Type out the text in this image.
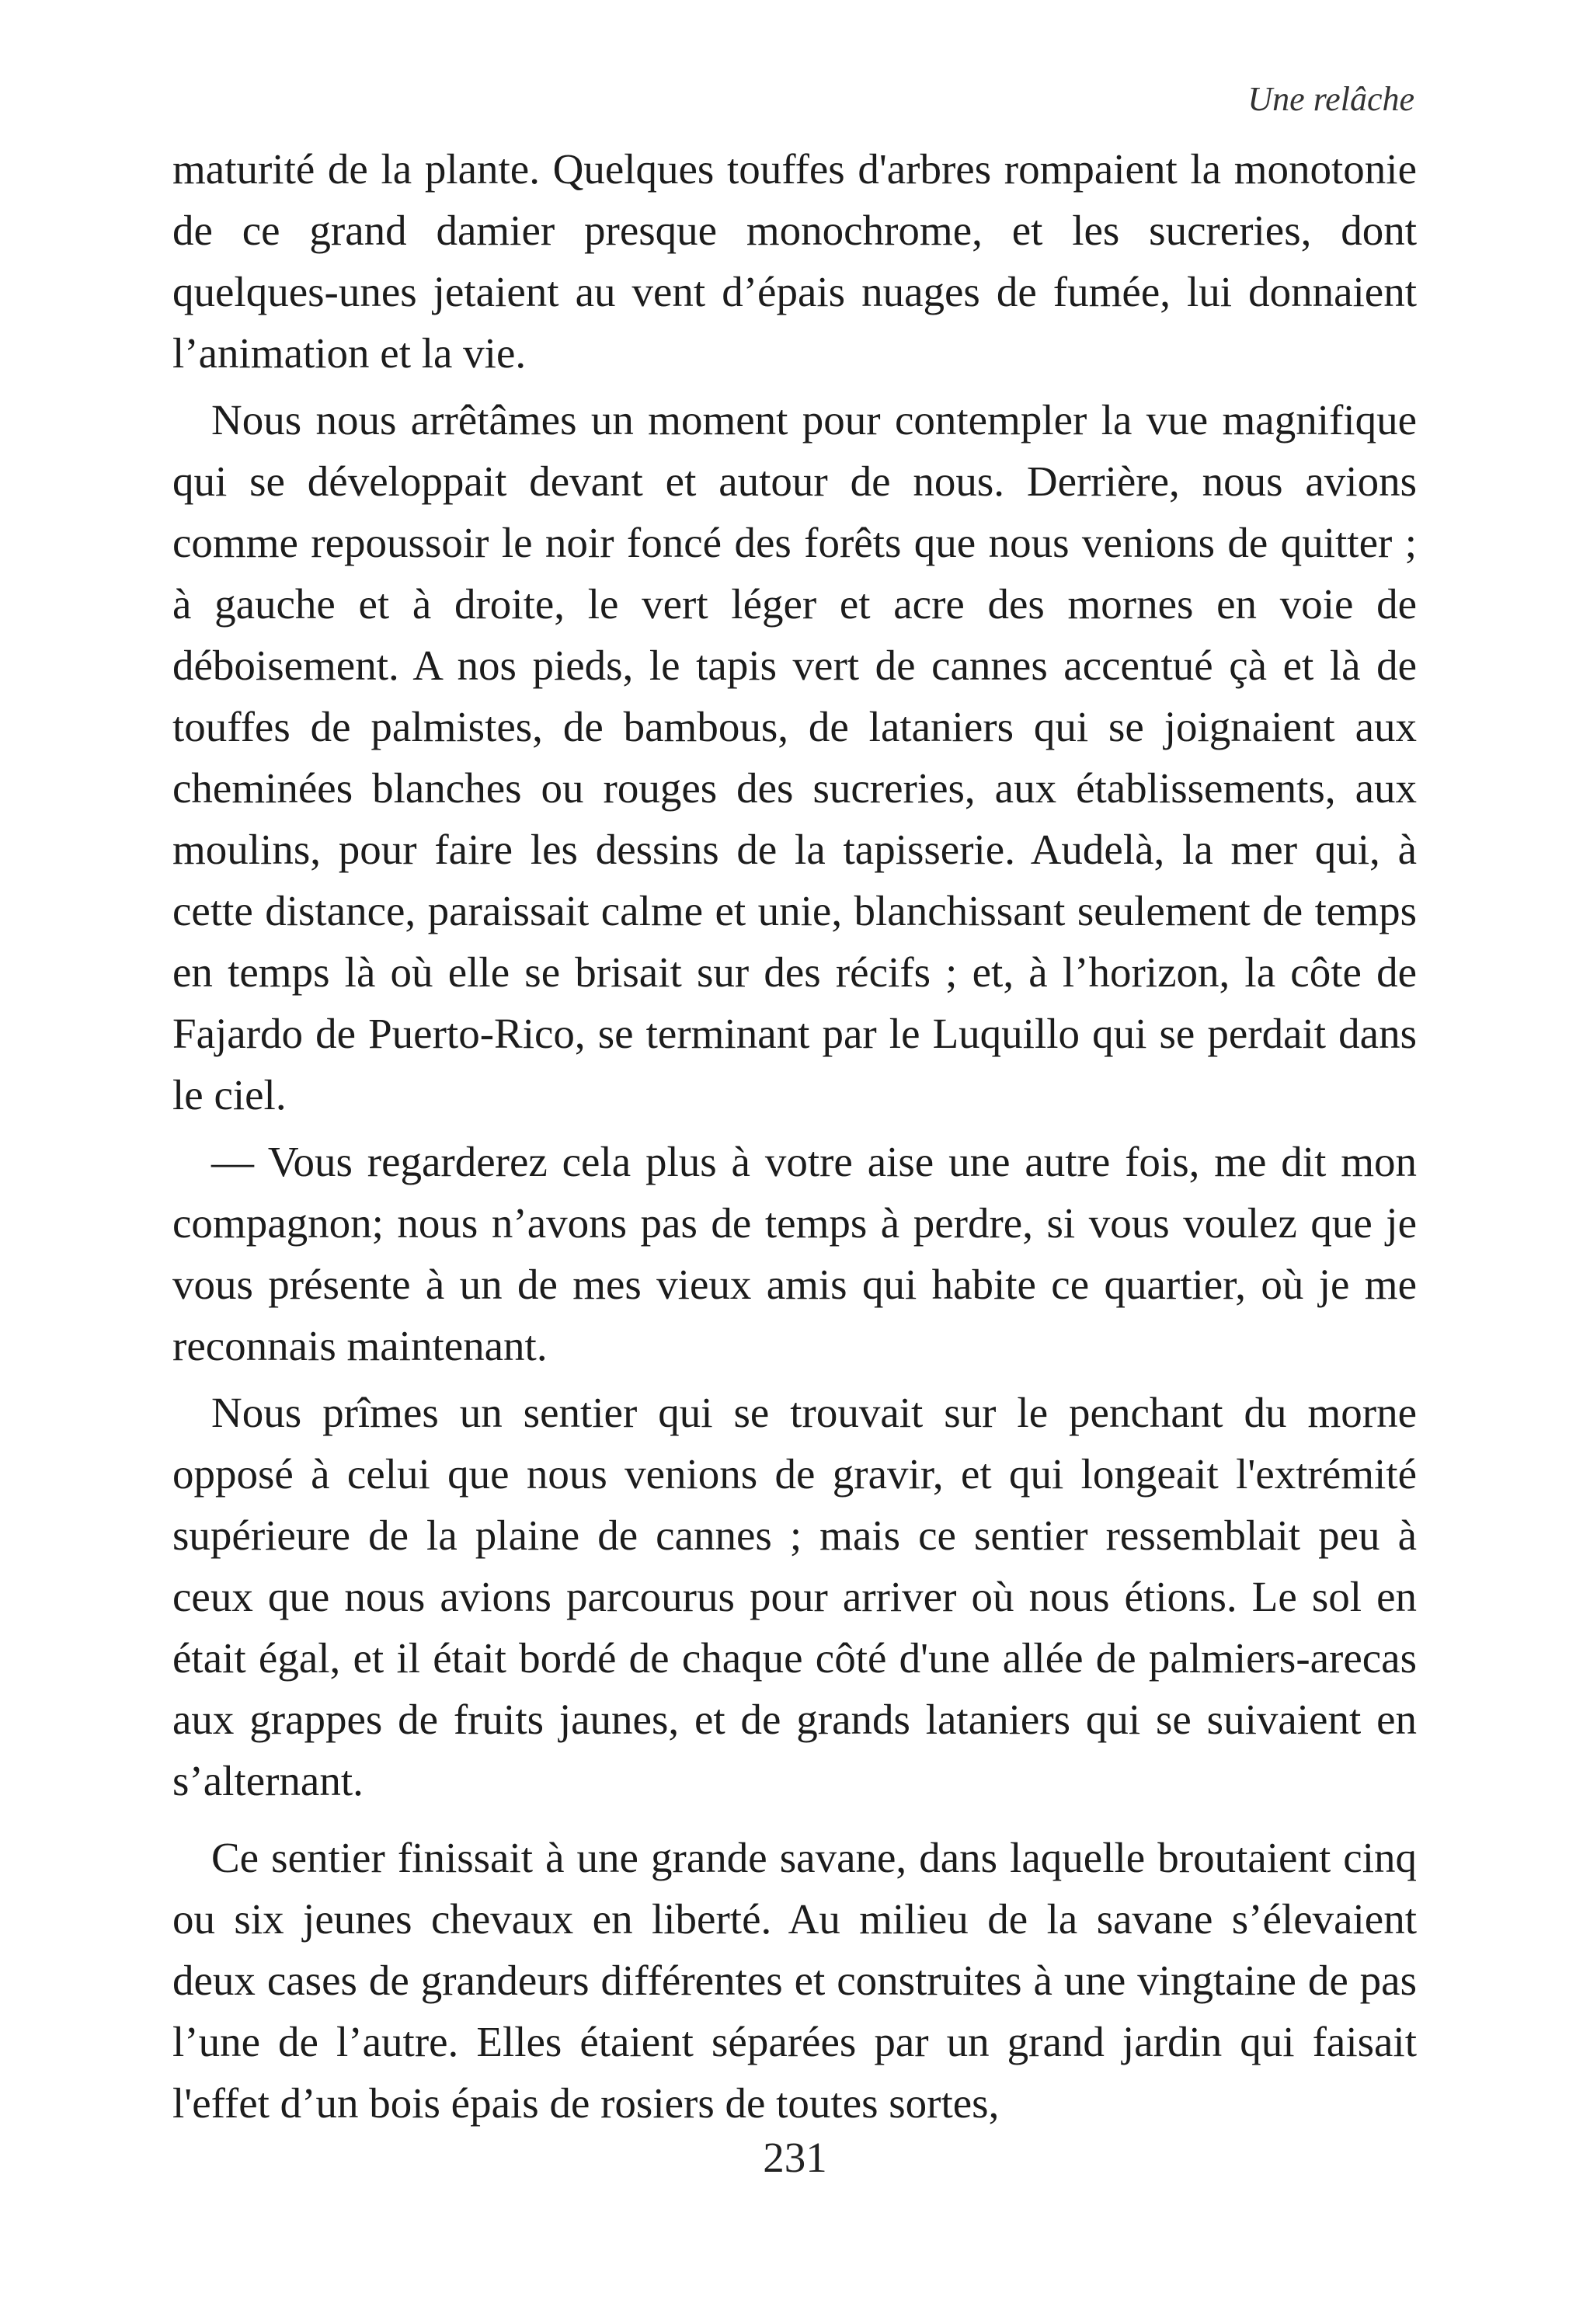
Une relâche

maturité de la plante. Quelques touffes d'arbres rompaient la monotonie de ce grand damier presque monochrome, et les sucreries, dont quelques-unes jetaient au vent d’épais nuages de fumée, lui donnaient l’animation et la vie.

Nous nous arrêtâmes un moment pour contempler la vue magnifique qui se développait devant et autour de nous. Derrière, nous avions comme repoussoir le noir foncé des forêts que nous venions de quitter ; à gauche et à droite, le vert léger et acre des mornes en voie de déboisement. A nos pieds, le tapis vert de cannes accentué çà et là de touffes de palmistes, de bambous, de lataniers qui se joignaient aux cheminées blanches ou rouges des sucreries, aux établissements, aux moulins, pour faire les dessins de la tapisserie. Audelà, la mer qui, à cette distance, paraissait calme et unie, blanchissant seulement de temps en temps là où elle se brisait sur des récifs ; et, à l’horizon, la côte de Fajardo de Puerto-Rico, se terminant par le Luquillo qui se perdait dans le ciel.

— Vous regarderez cela plus à votre aise une autre fois, me dit mon compagnon; nous n’avons pas de temps à perdre, si vous voulez que je vous présente à un de mes vieux amis qui habite ce quartier, où je me reconnais maintenant.

Nous prîmes un sentier qui se trouvait sur le penchant du morne opposé à celui que nous venions de gravir, et qui longeait l'extrémité supérieure de la plaine de cannes ; mais ce sentier ressemblait peu à ceux que nous avions parcourus pour arriver où nous étions. Le sol en était égal, et il était bordé de chaque côté d'une allée de palmiers-arecas aux grappes de fruits jaunes, et de grands lataniers qui se suivaient en s’alternant.

Ce sentier finissait à une grande savane, dans laquelle broutaient cinq ou six jeunes chevaux en liberté. Au milieu de la savane s’élevaient deux cases de grandeurs différentes et construites à une vingtaine de pas l’une de l’autre. Elles étaient séparées par un grand jardin qui faisait l'effet d’un bois épais de rosiers de toutes sortes,

231
